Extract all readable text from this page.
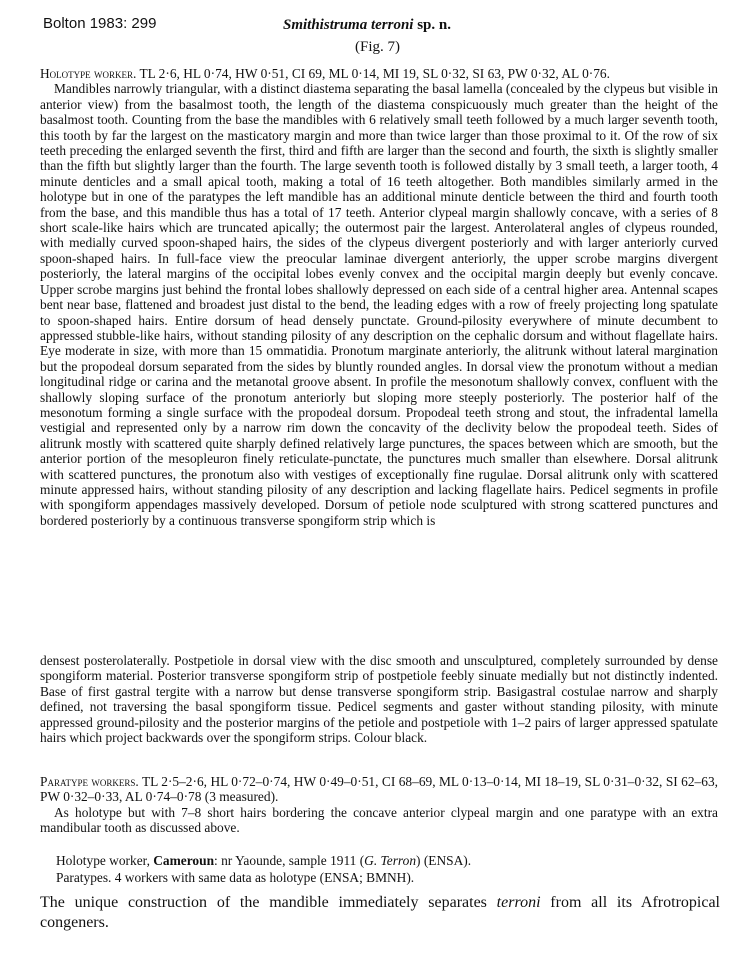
Bolton 1983: 299	Smithistruma terroni sp. n.
(Fig. 7)

Holotype worker. TL 2·6, HL 0·74, HW 0·51, CI 69, ML 0·14, MI 19, SL 0·32, SI 63, PW 0·32, AL 0·76.
Mandibles narrowly triangular, with a distinct diastema separating the basal lamella (concealed by the clypeus but visible in anterior view) from the basalmost tooth, the length of the diastema conspicuously much greater than the height of the basalmost tooth. Counting from the base the mandibles with 6 relatively small teeth followed by a much larger seventh tooth, this tooth by far the largest on the masticatory margin and more than twice larger than those proximal to it. Of the row of six teeth preceding the enlarged seventh the first, third and fifth are larger than the second and fourth, the sixth is slightly smaller than the fifth but slightly larger than the fourth. The large seventh tooth is followed distally by 3 small teeth, a larger tooth, 4 minute denticles and a small apical tooth, making a total of 16 teeth altogether. Both mandibles similarly armed in the holotype but in one of the paratypes the left mandible has an additional minute denticle between the third and fourth tooth from the base, and this mandible thus has a total of 17 teeth. Anterior clypeal margin shallowly concave, with a series of 8 short scale-like hairs which are truncated apically; the outermost pair the largest. Anterolateral angles of clypeus rounded, with medially curved spoon-shaped hairs, the sides of the clypeus divergent posteriorly and with larger anteriorly curved spoon-shaped hairs. In full-face view the preocular laminae divergent anteriorly, the upper scrobe margins divergent posteriorly, the lateral margins of the occipital lobes evenly convex and the occipital margin deeply but evenly concave. Upper scrobe margins just behind the frontal lobes shallowly depressed on each side of a central higher area. Antennal scapes bent near base, flattened and broadest just distal to the bend, the leading edges with a row of freely projecting long spatulate to spoon-shaped hairs. Entire dorsum of head densely punctate. Ground-pilosity everywhere of minute decumbent to appressed stubble-like hairs, without standing pilosity of any description on the cephalic dorsum and without flagellate hairs. Eye moderate in size, with more than 15 ommatidia. Pronotum marginate anteriorly, the alitrunk without lateral margination but the propodeal dorsum separated from the sides by bluntly rounded angles. In dorsal view the pronotum without a median longitudinal ridge or carina and the metanotal groove absent. In profile the mesonotum shallowly convex, confluent with the shallowly sloping surface of the pronotum anteriorly but sloping more steeply posteriorly. The posterior half of the mesonotum forming a single surface with the propodeal dorsum. Propodeal teeth strong and stout, the infradental lamella vestigial and represented only by a narrow rim down the concavity of the declivity below the propodeal teeth. Sides of alitrunk mostly with scattered quite sharply defined relatively large punctures, the spaces between which are smooth, but the anterior portion of the mesopleuron finely reticulate-punctate, the punctures much smaller than elsewhere. Dorsal alitrunk with scattered punctures, the pronotum also with vestiges of exceptionally fine rugulae. Dorsal alitrunk only with scattered minute appressed hairs, without standing pilosity of any description and lacking flagellate hairs. Pedicel segments in profile with spongiform appendages massively developed. Dorsum of petiole node sculptured with strong scattered punctures and bordered posteriorly by a continuous transverse spongiform strip which is

densest posterolaterally. Postpetiole in dorsal view with the disc smooth and unsculptured, completely surrounded by dense spongiform material. Posterior transverse spongiform strip of postpetiole feebly sinuate medially but not distinctly indented. Base of first gastral tergite with a narrow but dense transverse spongiform strip. Basigastral costulae narrow and sharply defined, not traversing the basal spongiform tissue. Pedicel segments and gaster without standing pilosity, with minute appressed ground-pilosity and the posterior margins of the petiole and postpetiole with 1–2 pairs of larger appressed spatulate hairs which project backwards over the spongiform strips. Colour black.

Paratype workers. TL 2·5–2·6, HL 0·72–0·74, HW 0·49–0·51, CI 68–69, ML 0·13–0·14, MI 18–19, SL 0·31–0·32, SI 62–63, PW 0·32–0·33, AL 0·74–0·78 (3 measured).
As holotype but with 7–8 short hairs bordering the concave anterior clypeal margin and one paratype with an extra mandibular tooth as discussed above.

Holotype worker, Cameroun: nr Yaounde, sample 1911 (G. Terron) (ENSA).
Paratypes. 4 workers with same data as holotype (ENSA; BMNH).
The unique construction of the mandible immediately separates terroni from all its Afrotropical congeners.
